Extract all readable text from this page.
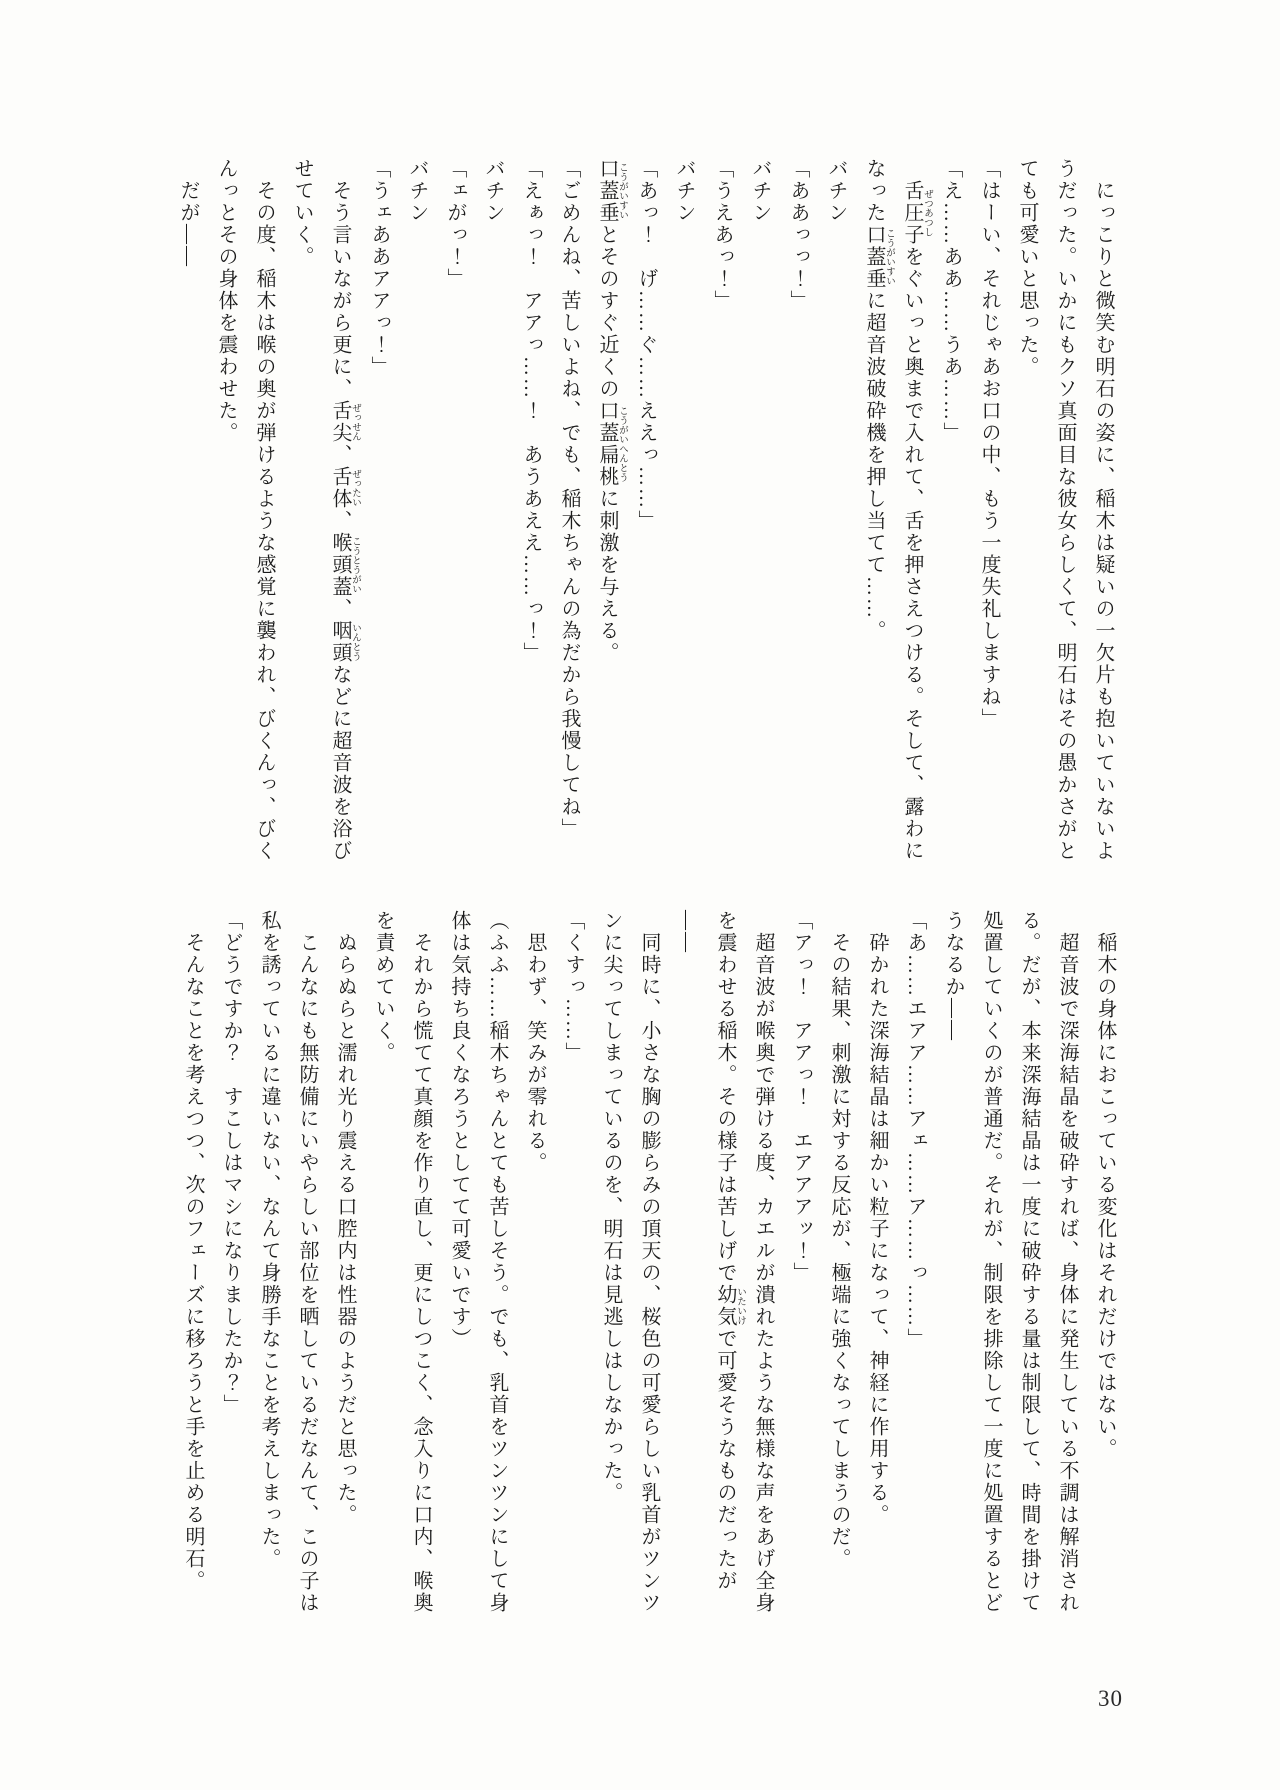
にっこりと微笑む明石の姿に、稲木は疑いの一欠片も抱いていないようだった。いかにもクソ真面目な彼女らしくて、明石はその愚かさがとても可愛いと思った。

「はーい、それじゃあお口の中、もう一度失礼しますね」

「え……ああ……うあ……」

舌圧子 ぜつあつしをぐいっと奥まで入れて、舌を押さえつける。そして、露わになった口蓋垂 こうがいすいに超音波破砕機を押し当てて……。

バチン

「ああっっ！」

バチン

「うえあっ！」

バチン

「あっ！　げ……ぐ……ええっ……」

口蓋垂 こうがいすいとそのすぐ近くの口蓋扁桃 こうがいへんとうに刺激を与える。

「ごめんね、苦しいよね、でも、稲木ちゃんの為だから我慢してね」

「えぁっ！　アアっ……！　あうあええ……っ！」

バチン

「ェがっ！」

バチン

「うェああアアっ！」

そう言いながら更に、舌尖 ぜっせん、舌体 ぜったい、喉頭蓋 こうとうがい、咽頭 いんとうなどに超音波を浴びせていく。

その度、稲木は喉の奥が弾けるような感覚に襲われ、びくんっ、びくんっとその身体を震わせた。

だが――

稲木の身体におこっている変化はそれだけではない。

超音波で深海結晶を破砕すれば、身体に発生している不調は解消される。だが、本来深海結晶は一度に破砕する量は制限して、時間を掛けて処置していくのが普通だ。それが、制限を排除して一度に処置するとどうなるか――

「あ……エアア……アェ……ア……っ……」

砕かれた深海結晶は細かい粒子になって、神経に作用する。

その結果、刺激に対する反応が、極端に強くなってしまうのだ。

「アっ！　アアっ！　エアアアッ！」

超音波が喉奥で弾ける度、カエルが潰れたような無様な声をあげ全身を震わせる稲木。その様子は苦しげで幼気 いたいけで可愛そうなものだったが――

同時に、小さな胸の膨らみの頂天の、桜色の可愛らしい乳首がツンツンに尖ってしまっているのを、明石は見逃しはしなかった。

「くすっ……」

思わず、笑みが零れる。

（ふふ……稲木ちゃんとても苦しそう。でも、乳首をツンツンにして身体は気持ち良くなろうとしてて可愛いです）

それから慌てて真顔を作り直し、更にしつこく、念入りに口内、喉奥を責めていく。

ぬらぬらと濡れ光り震える口腔内は性器のようだと思った。

こんなにも無防備にいやらしい部位を晒しているだなんて、この子は私を誘っているに違いない、なんて身勝手なことを考えしまった。

「どうですか？　すこしはマシになりましたか？」

そんなことを考えつつ、次のフェーズに移ろうと手を止める明石。

30
